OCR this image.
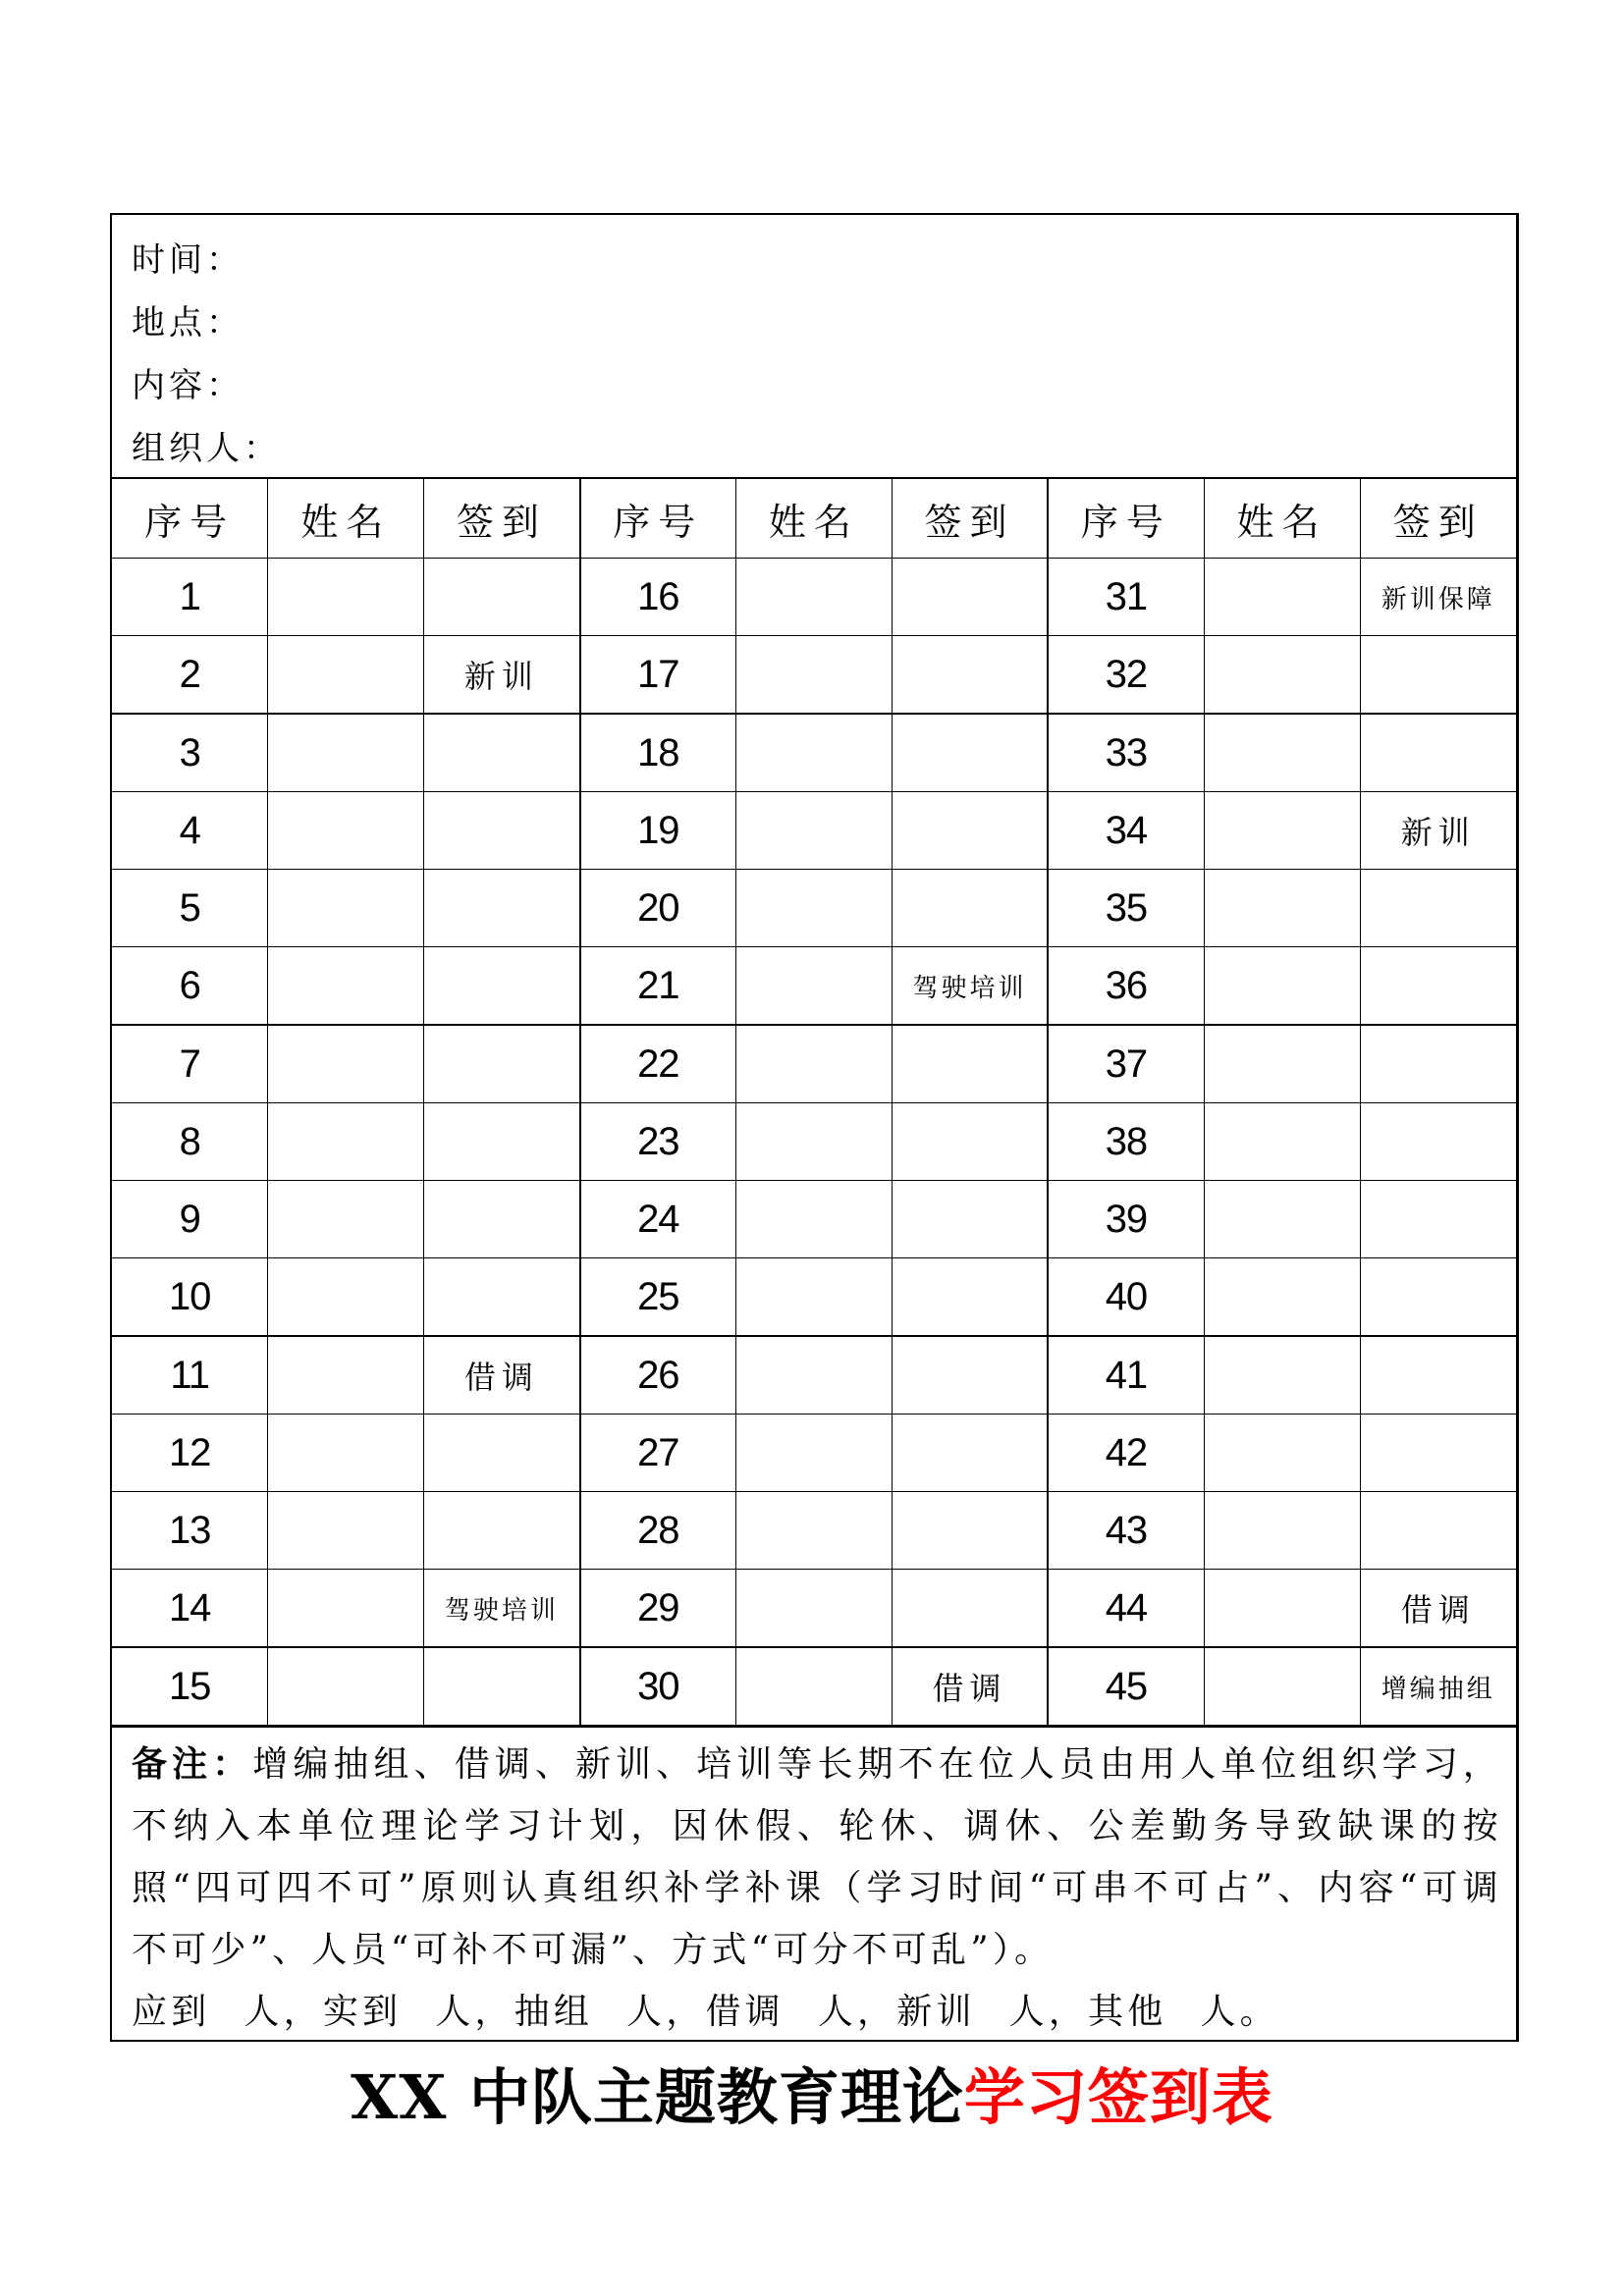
时间：
地点：
内容：
组织人：
序号	姓名	签到	序号	姓名	签到	序号	姓名	签到
1			16			31		新训保障
2		新训	17			32		
3			18			33		
4			19			34		新训
5			20			35		
6			21		驾驶培训	36		
7			22			37		
8			23			38		
9			24			39		
10			25			40		
11		借调	26			41		
12			27			42		
13			28			43		
14		驾驶培训	29			44		借调
15			30		借调	45		增编抽组
备注：增编抽组、借调、新训、培训等长期不在位人员由用人单位组织学习，不纳入本单位理论学习计划，因休假、轮休、调休、公差勤务导致缺课的按照“四可四不可”原则认真组织补学补课（学习时间“可串不可占”、内容“可调不可少”、人员“可补不可漏”、方式“可分不可乱”）。
应到 人，实到 人，抽组 人，借调 人，新训 人，其他 人。
XX 中队主题教育理论学习签到表
